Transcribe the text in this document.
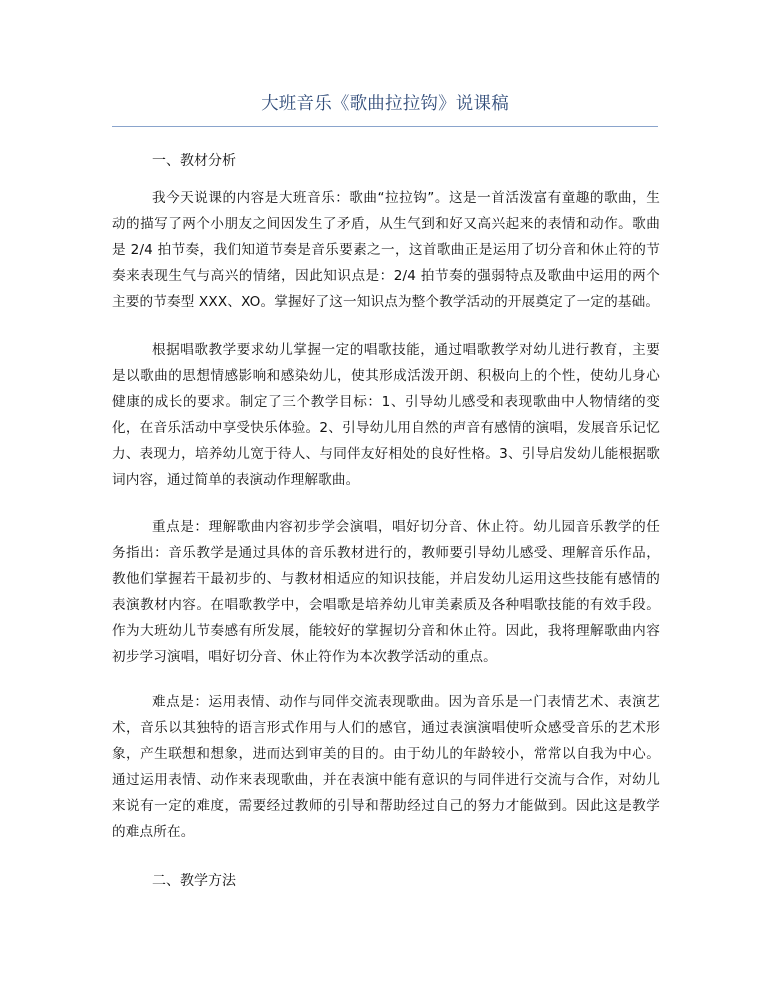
大班音乐《歌曲拉拉钩》说课稿
一、教材分析

我今天说课的内容是大班音乐：歌曲“拉拉钩”。这是一首活泼富有童趣的歌曲，生动的描写了两个小朋友之间因发生了矛盾，从生气到和好又高兴起来的表情和动作。歌曲是 2/4 拍节奏，我们知道节奏是音乐要素之一，这首歌曲正是运用了切分音和休止符的节奏来表现生气与高兴的情绪，因此知识点是：2/4 拍节奏的强弱特点及歌曲中运用的两个主要的节奏型 XXX、XO。掌握好了这一知识点为整个教学活动的开展奠定了一定的基础。

根据唱歌教学要求幼儿掌握一定的唱歌技能，通过唱歌教学对幼儿进行教育，主要是以歌曲的思想情感影响和感染幼儿，使其形成活泼开朗、积极向上的个性，使幼儿身心健康的成长的要求。制定了三个教学目标：1、引导幼儿感受和表现歌曲中人物情绪的变化，在音乐活动中享受快乐体验。2、引导幼儿用自然的声音有感情的演唱，发展音乐记忆力、表现力，培养幼儿宽于待人、与同伴友好相处的良好性格。3、引导启发幼儿能根据歌词内容，通过简单的表演动作理解歌曲。

重点是：理解歌曲内容初步学会演唱，唱好切分音、休止符。幼儿园音乐教学的任务指出：音乐教学是通过具体的音乐教材进行的，教师要引导幼儿感受、理解音乐作品，教他们掌握若干最初步的、与教材相适应的知识技能，并启发幼儿运用这些技能有感情的表演教材内容。在唱歌教学中，会唱歌是培养幼儿审美素质及各种唱歌技能的有效手段。作为大班幼儿节奏感有所发展，能较好的掌握切分音和休止符。因此，我将理解歌曲内容初步学习演唱，唱好切分音、休止符作为本次教学活动的重点。

难点是：运用表情、动作与同伴交流表现歌曲。因为音乐是一门表情艺术、表演艺术，音乐以其独特的语言形式作用与人们的感官，通过表演演唱使听众感受音乐的艺术形象，产生联想和想象，进而达到审美的目的。由于幼儿的年龄较小，常常以自我为中心。通过运用表情、动作来表现歌曲，并在表演中能有意识的与同伴进行交流与合作，对幼儿来说有一定的难度，需要经过教师的引导和帮助经过自己的努力才能做到。因此这是教学的难点所在。

二、教学方法
